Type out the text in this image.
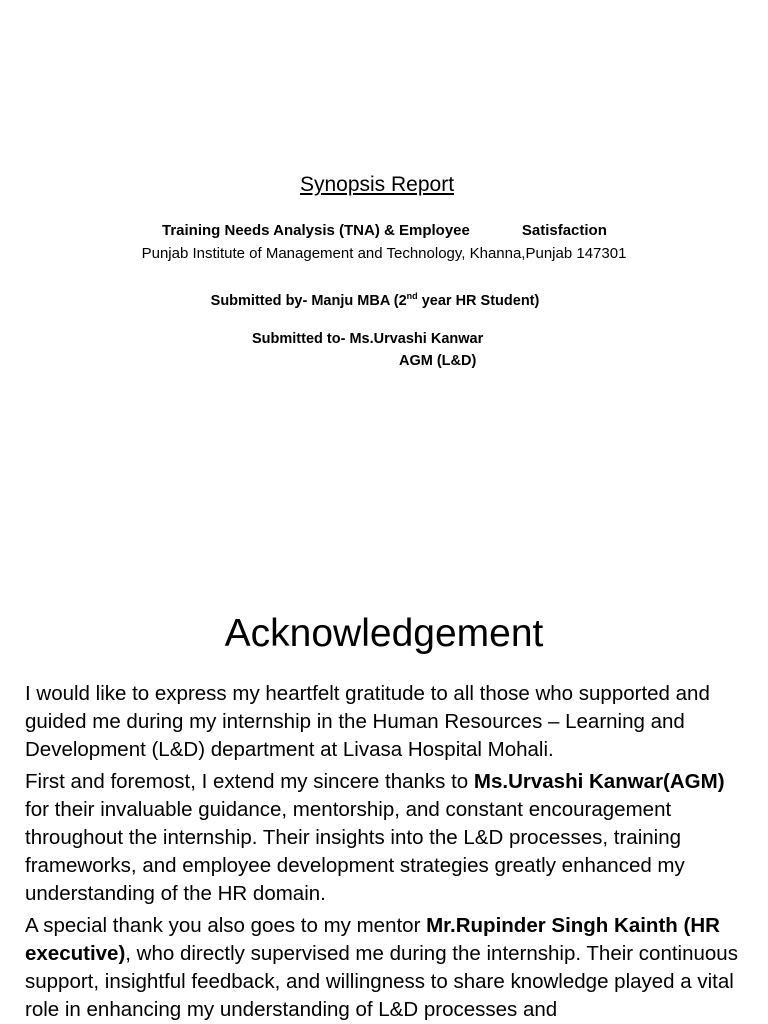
Synopsis Report
Training Needs Analysis (TNA) & Employee	Satisfaction
Punjab Institute of Management and Technology, Khanna,Punjab 147301
Submitted by- Manju MBA (2nd year HR Student)
Submitted to- Ms.Urvashi Kanwar
AGM (L&D)
Acknowledgement

I would like to express my heartfelt gratitude to all those who supported and guided me during my internship in the Human Resources – Learning and Development (L&D) department at Livasa Hospital Mohali.

First and foremost, I extend my sincere thanks to Ms.Urvashi Kanwar(AGM) for their invaluable guidance, mentorship, and constant encouragement throughout the internship. Their insights into the L&D processes, training frameworks, and employee development strategies greatly enhanced my understanding of the HR domain.

A special thank you also goes to my mentor Mr.Rupinder Singh Kainth (HR executive), who directly supervised me during the internship. Their continuous support, insightful feedback, and willingness to share knowledge played a vital role in enhancing my understanding of L&D processes and
